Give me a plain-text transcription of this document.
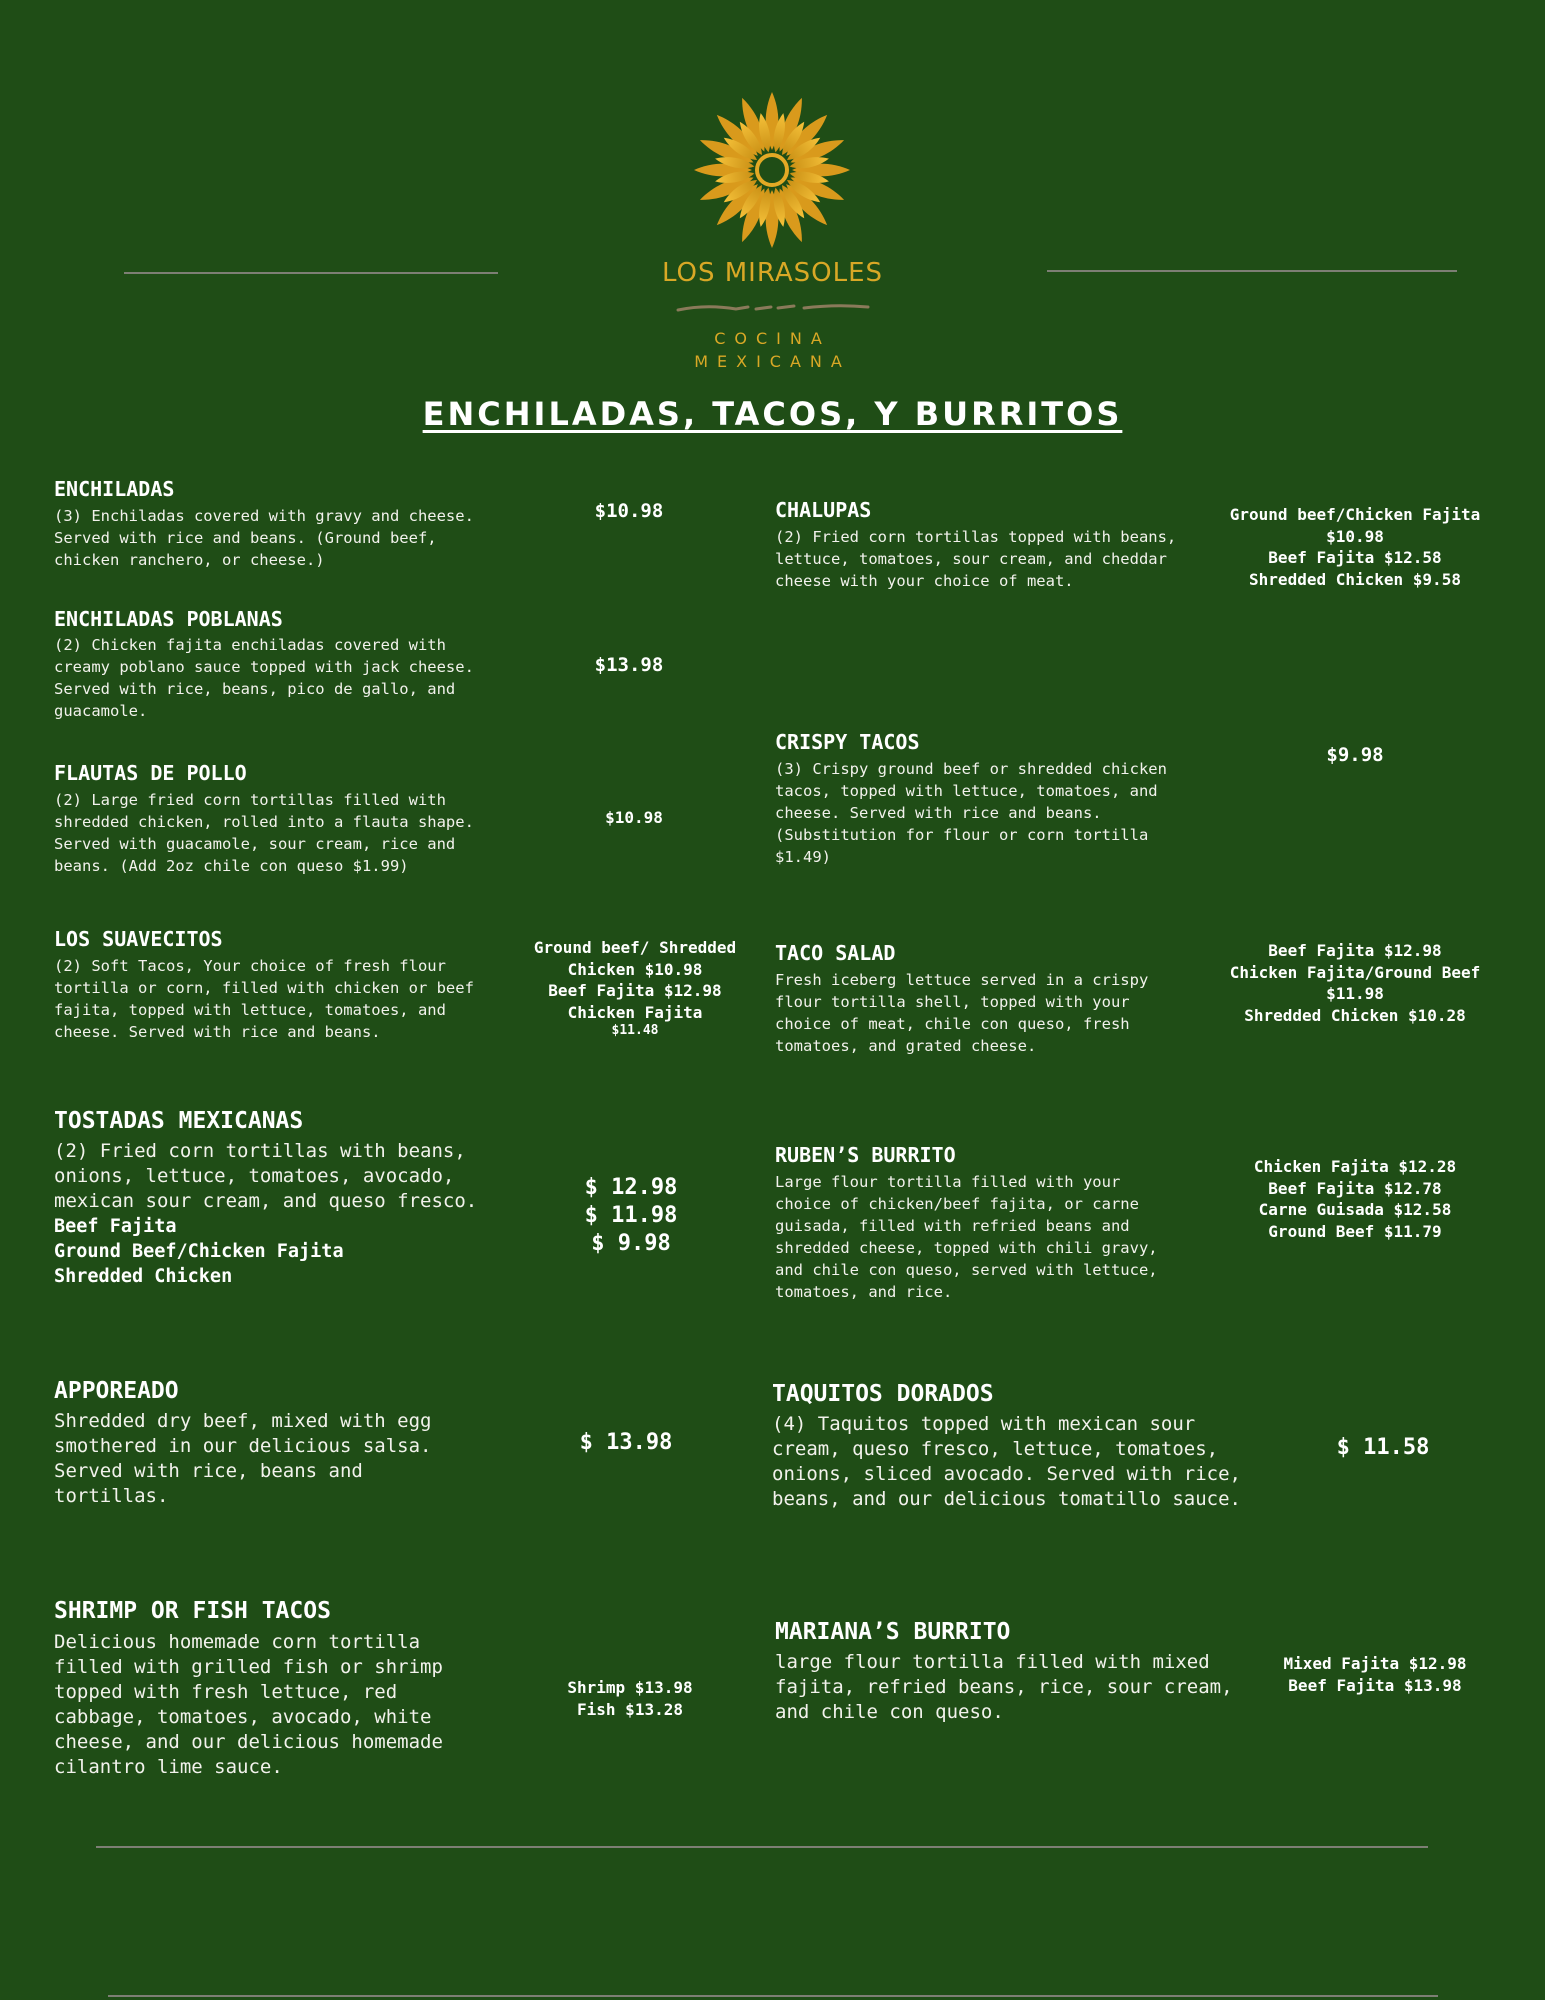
LOS MIRASOLES
COCINA
MEXICANA
ENCHILADAS, TACOS, Y BURRITOS
ENCHILADAS
(3) Enchiladas covered with gravy and cheese.
Served with rice and beans. (Ground beef,
chicken ranchero, or cheese.)
$10.98
ENCHILADAS POBLANAS
(2) Chicken fajita enchiladas covered with
creamy poblano sauce topped with jack cheese.
Served with rice, beans, pico de gallo, and
guacamole.
$13.98
FLAUTAS DE POLLO
(2) Large fried corn tortillas filled with
shredded chicken, rolled into a flauta shape.
Served with guacamole, sour cream, rice and
beans. (Add 2oz chile con queso $1.99)
$10.98
LOS SUAVECITOS
(2) Soft Tacos, Your choice of fresh flour
tortilla or corn, filled with chicken or beef
fajita, topped with lettuce, tomatoes, and
cheese. Served with rice and beans.
Ground beef/ Shredded
Chicken $10.98
Beef Fajita $12.98
Chicken Fajita
$11.48
TOSTADAS MEXICANAS
(2) Fried corn tortillas with beans,
onions, lettuce, tomatoes, avocado,
mexican sour cream, and queso fresco.
Beef Fajita
Ground Beef/Chicken Fajita
Shredded Chicken
$ 12.98
$ 11.98
$ 9.98
APPOREADO
Shredded dry beef, mixed with egg
smothered in our delicious salsa.
Served with rice, beans and
tortillas.
$ 13.98
SHRIMP OR FISH TACOS
Delicious homemade corn tortilla
filled with grilled fish or shrimp
topped with fresh lettuce, red
cabbage, tomatoes, avocado, white
cheese, and our delicious homemade
cilantro lime sauce.
Shrimp $13.98
Fish $13.28
CHALUPAS
(2) Fried corn tortillas topped with beans,
lettuce, tomatoes, sour cream, and cheddar
cheese with your choice of meat.
Ground beef/Chicken Fajita
$10.98
Beef Fajita $12.58
Shredded Chicken $9.58
CRISPY TACOS
(3) Crispy ground beef or shredded chicken
tacos, topped with lettuce, tomatoes, and
cheese. Served with rice and beans.
(Substitution for flour or corn tortilla
$1.49)
$9.98
TACO SALAD
Fresh iceberg lettuce served in a crispy
flour tortilla shell, topped with your
choice of meat, chile con queso, fresh
tomatoes, and grated cheese.
Beef Fajita $12.98
Chicken Fajita/Ground Beef
$11.98
Shredded Chicken $10.28
RUBEN’S BURRITO
Large flour tortilla filled with your
choice of chicken/beef fajita, or carne
guisada, filled with refried beans and
shredded cheese, topped with chili gravy,
and chile con queso, served with lettuce,
tomatoes, and rice.
Chicken Fajita $12.28
Beef Fajita $12.78
Carne Guisada $12.58
Ground Beef $11.79
TAQUITOS DORADOS
(4) Taquitos topped with mexican sour
cream, queso fresco, lettuce, tomatoes,
onions, sliced avocado. Served with rice,
beans, and our delicious tomatillo sauce.
$ 11.58
MARIANA’S BURRITO
large flour tortilla filled with mixed
fajita, refried beans, rice, sour cream,
and chile con queso.
Mixed Fajita $12.98
Beef Fajita $13.98
